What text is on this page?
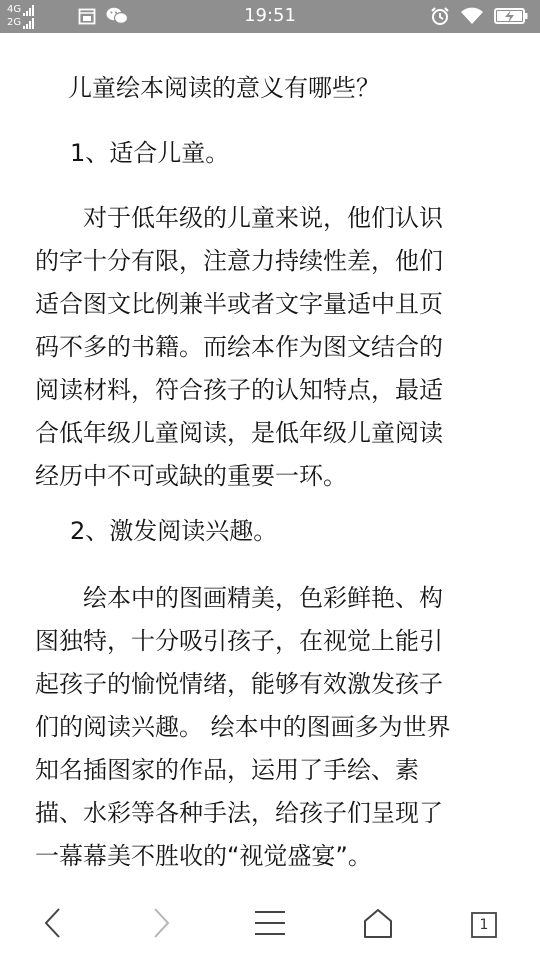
4G
2G	19:51
儿童绘本阅读的意义有哪些？
1、适合儿童。
对于低年级的儿童来说，他们认识
的字十分有限，注意力持续性差，他们
适合图文比例兼半或者文字量适中且页
码不多的书籍。而绘本作为图文结合的
阅读材料，符合孩子的认知特点，最适
合低年级儿童阅读，是低年级儿童阅读
经历中不可或缺的重要一环。
2、激发阅读兴趣。
绘本中的图画精美，色彩鲜艳、构
图独特，十分吸引孩子，在视觉上能引
起孩子的愉悦情绪，能够有效激发孩子
们的阅读兴趣。 绘本中的图画多为世界
知名插图家的作品，运用了手绘、素
描、水彩等各种手法，给孩子们呈现了
一幕幕美不胜收的“视觉盛宴”。
1
